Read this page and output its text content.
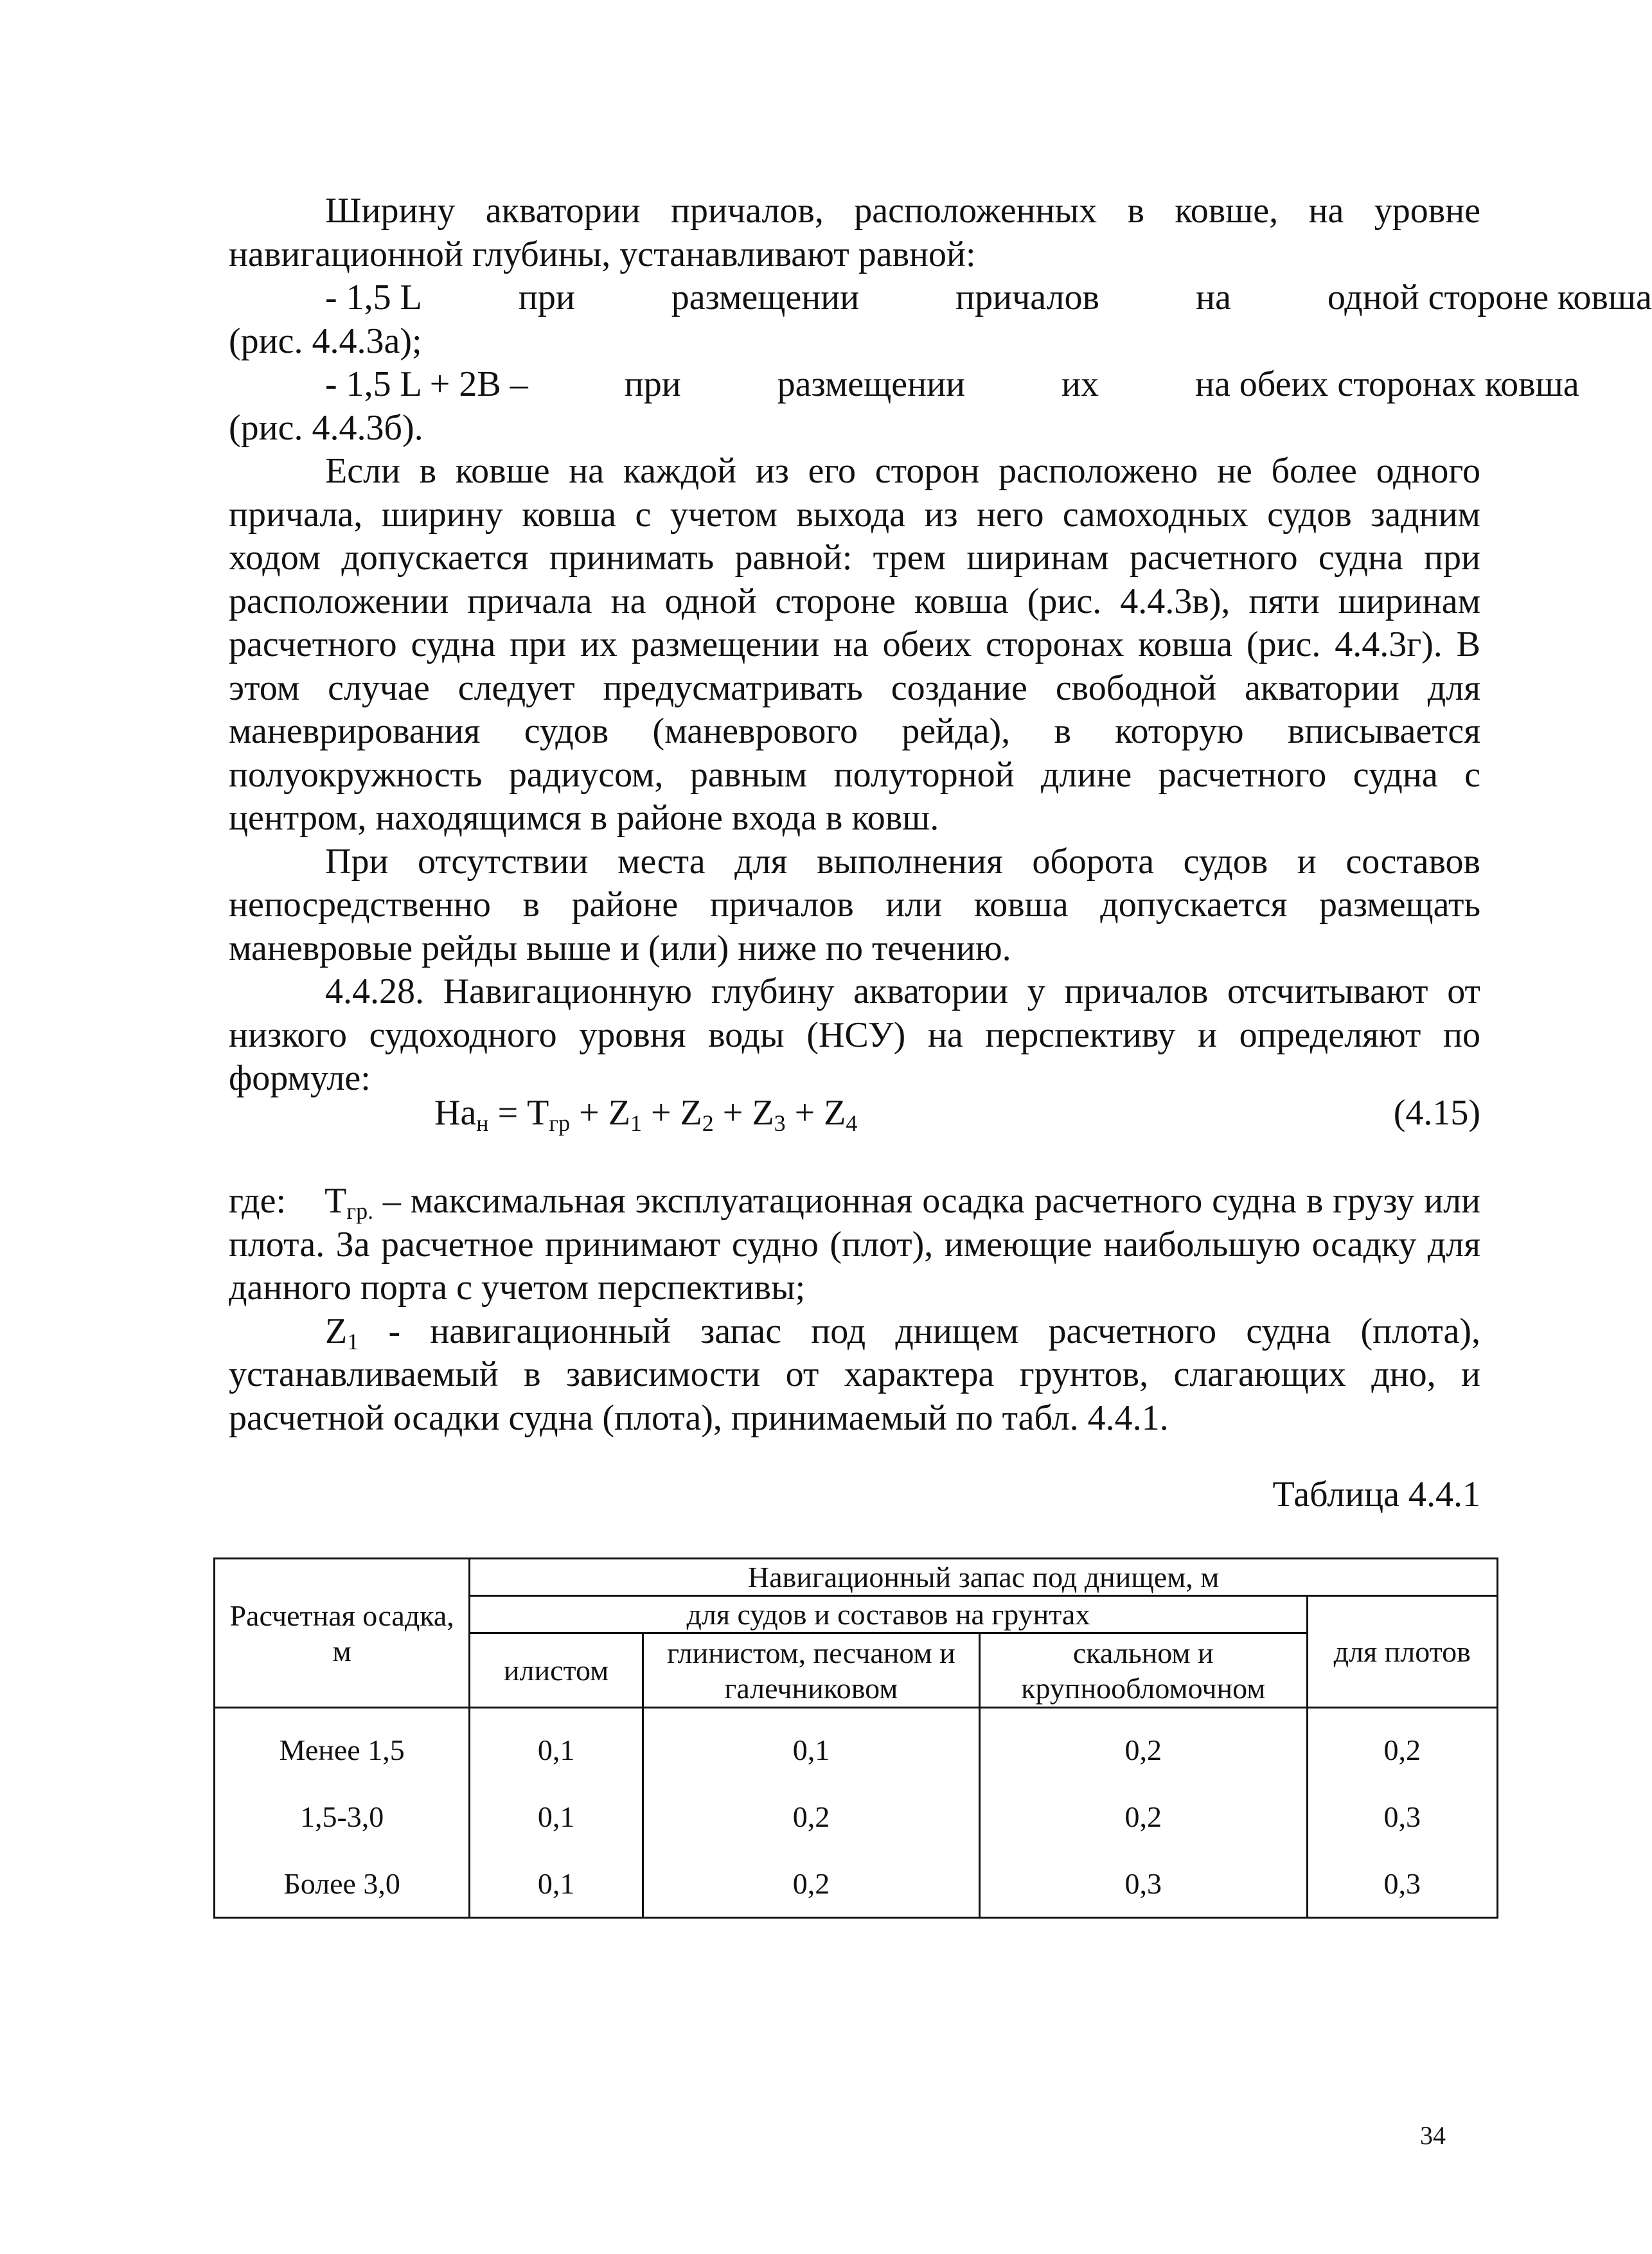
Ширину акватории причалов, расположенных в ковше, на уровне навигационной глубины, устанавливают равной:

- 1,5 L	при	размещении	причалов	на	одной стороне ковша

(рис. 4.4.3а);

- 1,5 L + 2B –	при	размещении	их	на обеих сторонах ковша

(рис. 4.4.3б).

Если в ковше на каждой из его сторон расположено не более одного причала, ширину ковша с учетом выхода из него самоходных судов задним ходом допускается принимать равной: трем ширинам расчетного судна при расположении причала на одной стороне ковша (рис. 4.4.3в), пяти ширинам расчетного судна при их размещении на обеих сторонах ковша (рис. 4.4.3г). В этом случае следует предусматривать создание свободной акватории для маневрирования судов (маневрового рейда), в которую вписывается полуокружность радиусом, равным полуторной длине расчетного судна с центром, находящимся в районе входа в ковш.

При отсутствии места для выполнения оборота судов и составов непосредственно в районе причалов или ковша допускается размещать маневровые рейды выше и (или) ниже по течению.

4.4.28. Навигационную глубину акватории у причалов отсчитывают от низкого судоходного уровня воды (НСУ) на перспективу и определяют по формуле:

$На_н = Т_{гр} + Z_1 + Z_2 + Z_3 + Z_4$	(4.15)

где: $Т_{гр.}$ – максимальная эксплуатационная осадка расчетного судна в грузу или плота. За расчетное принимают судно (плот), имеющие наибольшую осадку для данного порта с учетом перспективы;

$Z_1$ - навигационный запас под днищем расчетного судна (плота), устанавливаемый в зависимости от характера грунтов, слагающих дно, и расчетной осадки судна (плота), принимаемый по табл. 4.4.1.

Таблица 4.4.1
Расчетная осадка, м	Навигационный запас под днищем, м			
	для судов и составов на грунтах			для плотов
	илистом	глинистом, песчаном и галечниковом	скальном и крупнообломочном	
Менее 1,5	0,1	0,1	0,2	0,2
1,5-3,0	0,1	0,2	0,2	0,3
Более 3,0	0,1	0,2	0,3	0,3
34
